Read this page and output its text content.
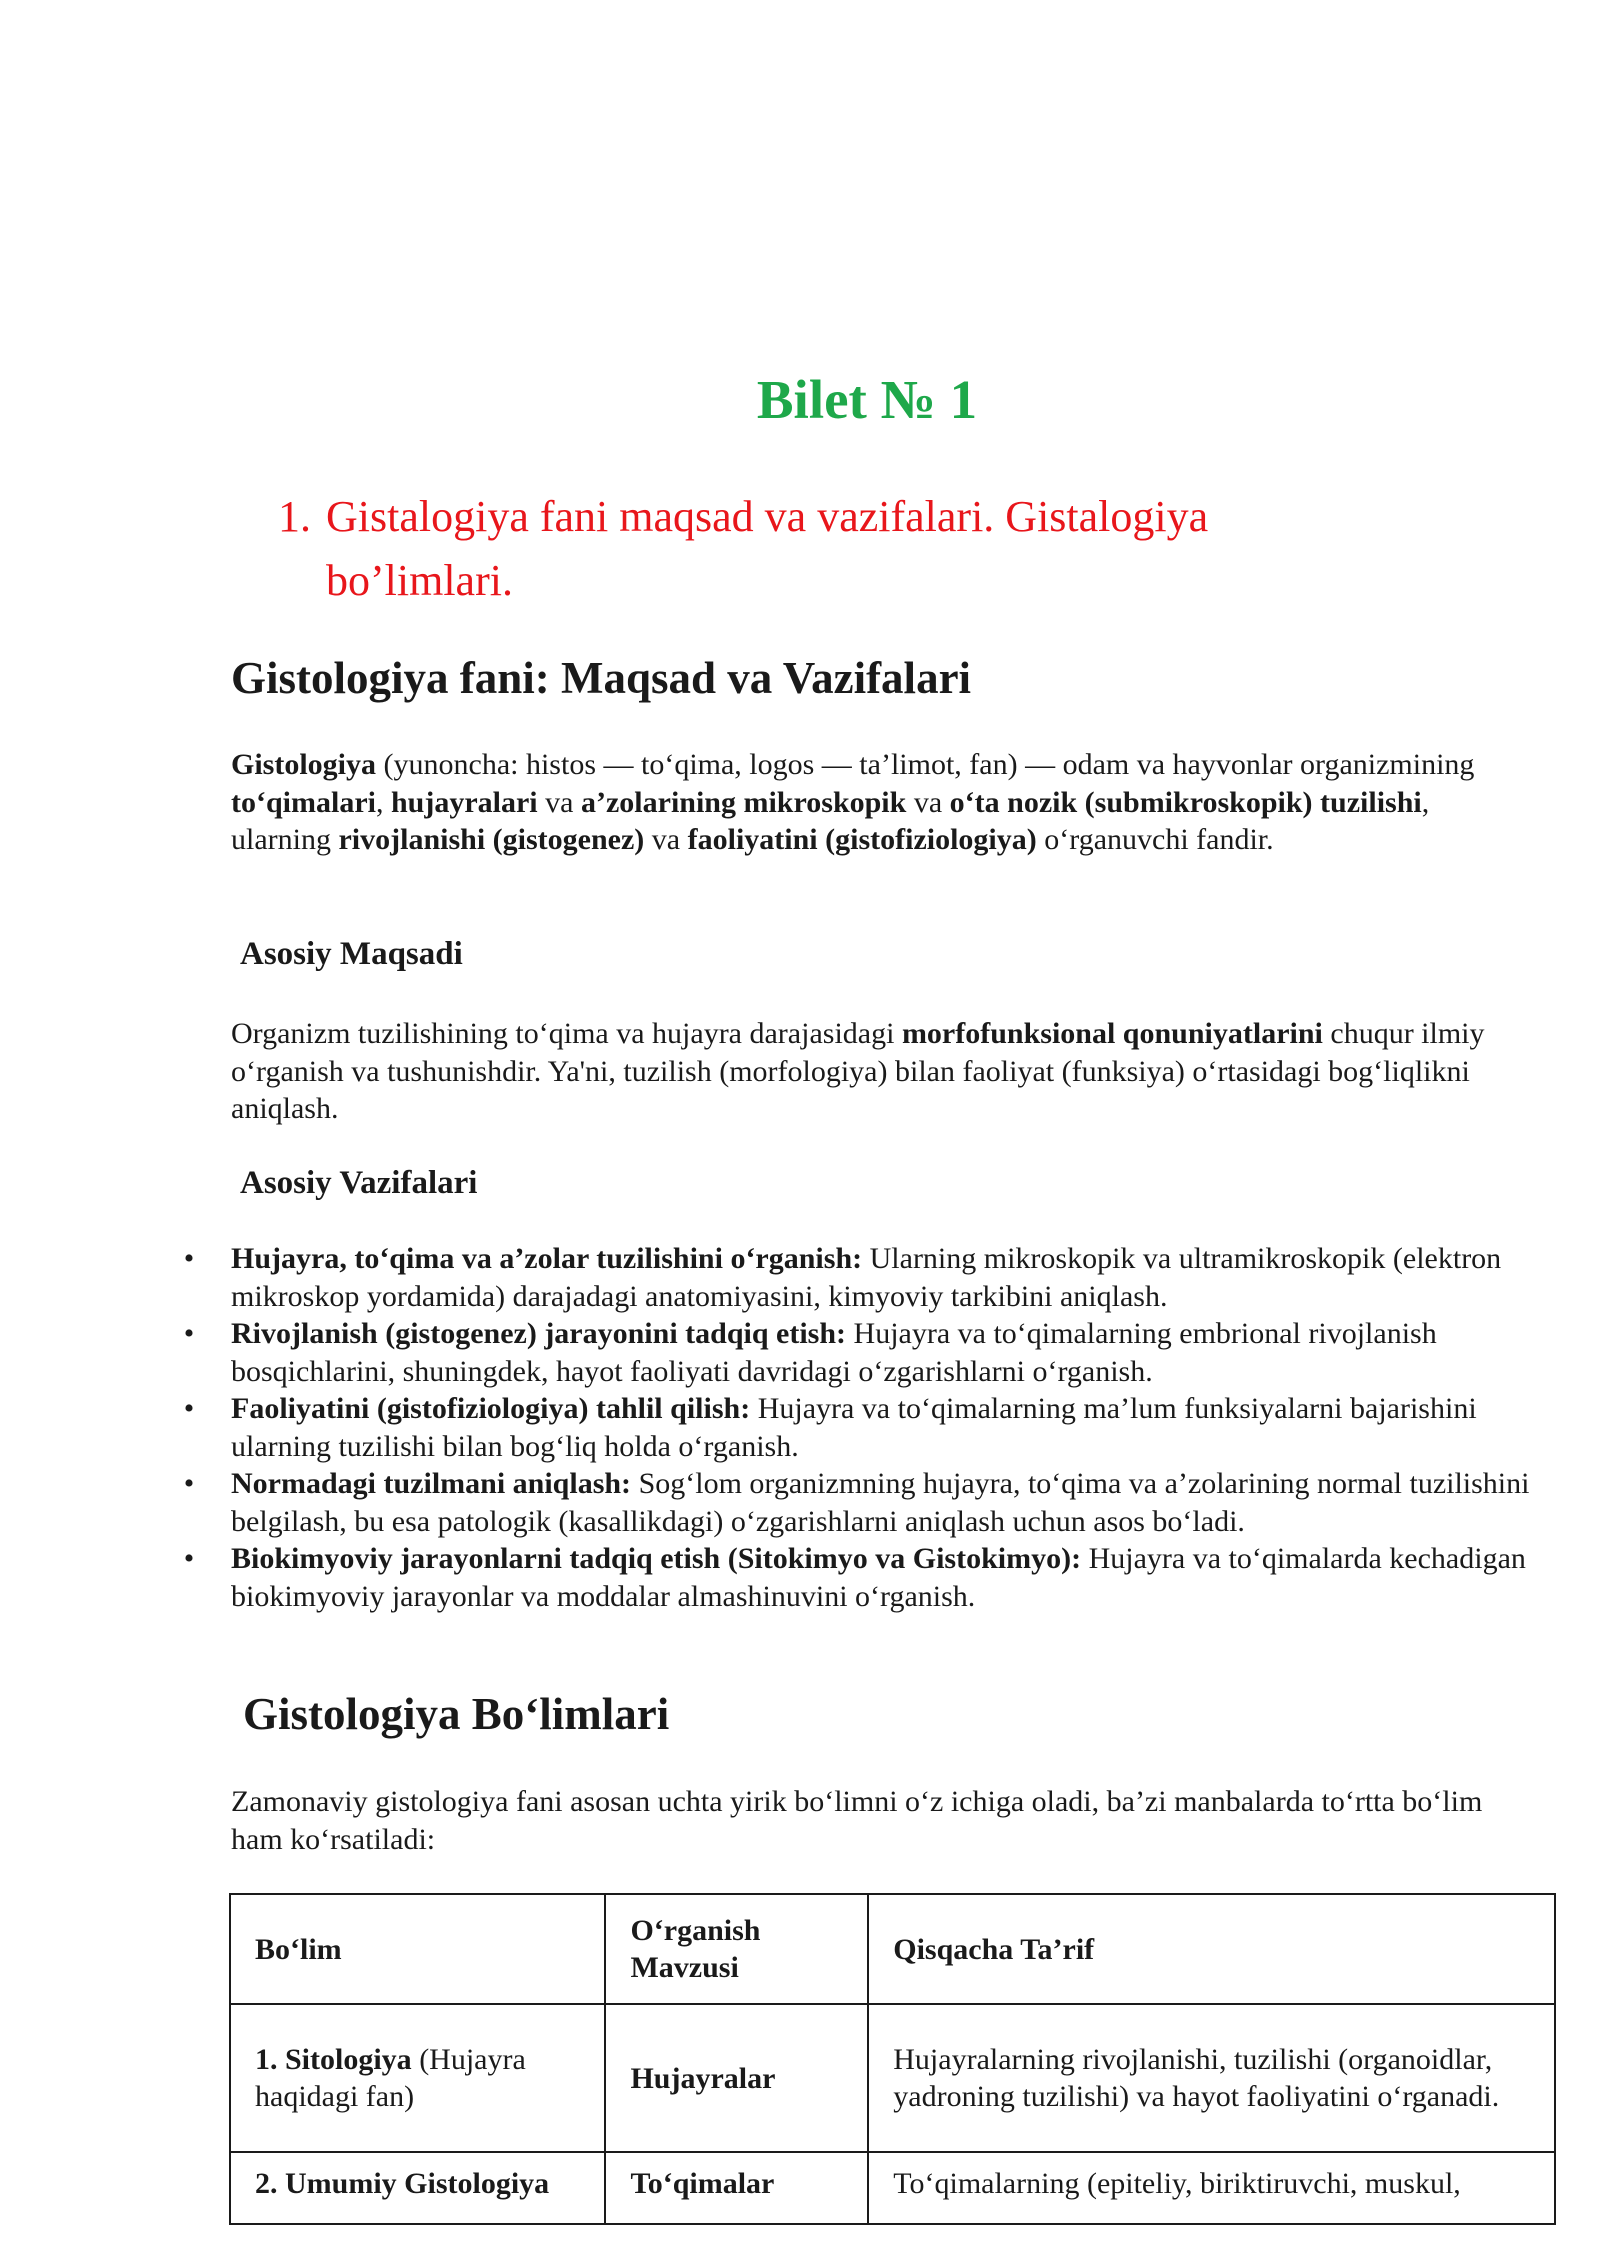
Bilet № 1
1. Gistalogiya fani maqsad va vazifalari. Gistalogiya bo’limlari.
Gistologiya fani: Maqsad va Vazifalari
Gistologiya (yunoncha: histos — to‘qima, logos — ta’limot, fan) — odam va hayvonlar organizmining to‘qimalari, hujayralari va a’zolarining mikroskopik va o‘ta nozik (submikroskopik) tuzilishi, ularning rivojlanishi (gistogenez) va faoliyatini (gistofiziologiya) o‘rganuvchi fandir.
Asosiy Maqsadi
Organizm tuzilishining to‘qima va hujayra darajasidagi morfofunksional qonuniyatlarini chuqur ilmiy o‘rganish va tushunishdir. Ya'ni, tuzilish (morfologiya) bilan faoliyat (funksiya) o‘rtasidagi bog‘liqlikni aniqlash.
Asosiy Vazifalari
• Hujayra, to‘qima va a’zolar tuzilishini o‘rganish: Ularning mikroskopik va ultramikroskopik (elektron mikroskop yordamida) darajadagi anatomiyasini, kimyoviy tarkibini aniqlash.
• Rivojlanish (gistogenez) jarayonini tadqiq etish: Hujayra va to‘qimalarning embrional rivojlanish bosqichlarini, shuningdek, hayot faoliyati davridagi o‘zgarishlarni o‘rganish.
• Faoliyatini (gistofiziologiya) tahlil qilish: Hujayra va to‘qimalarning ma’lum funksiyalarni bajarishini ularning tuzilishi bilan bog‘liq holda o‘rganish.
• Normadagi tuzilmani aniqlash: Sog‘lom organizmning hujayra, to‘qima va a’zolarining normal tuzilishini belgilash, bu esa patologik (kasallikdagi) o‘zgarishlarni aniqlash uchun asos bo‘ladi.
• Biokimyoviy jarayonlarni tadqiq etish (Sitokimyo va Gistokimyo): Hujayra va to‘qimalarda kechadigan biokimyoviy jarayonlar va moddalar almashinuvini o‘rganish.
Gistologiya Bo‘limlari
Zamonaviy gistologiya fani asosan uchta yirik bo‘limni o‘z ichiga oladi, ba’zi manbalarda to‘rtta bo‘lim ham ko‘rsatiladi:
Bo‘lim	O‘rganish Mavzusi	Qisqacha Ta’rif
1. Sitologiya (Hujayra haqidagi fan)	Hujayralar	Hujayralarning rivojlanishi, tuzilishi (organoidlar, yadroning tuzilishi) va hayot faoliyatini o‘rganadi.
2. Umumiy Gistologiya	To‘qimalar	To‘qimalarning (epiteliy, biriktiruvchi, muskul,
